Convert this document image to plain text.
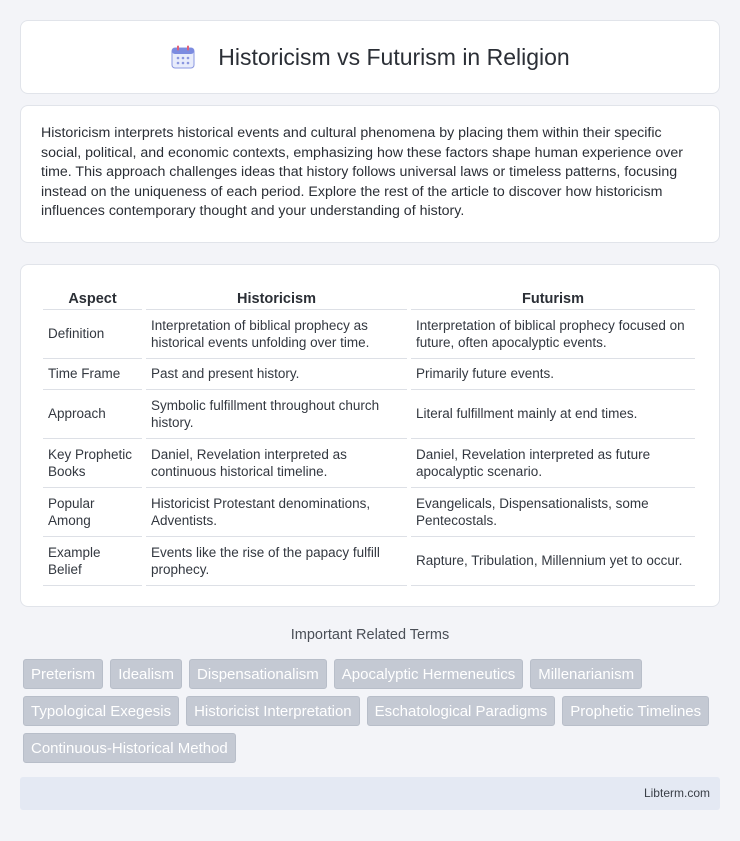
Historicism vs Futurism in Religion

Historicism interprets historical events and cultural phenomena by placing them within their specific social, political, and economic contexts, emphasizing how these factors shape human experience over time. This approach challenges ideas that history follows universal laws or timeless patterns, focusing instead on the uniqueness of each period. Explore the rest of the article to discover how historicism influences contemporary thought and your understanding of history.

Aspect	Historicism	Futurism
Definition	Interpretation of biblical prophecy as historical events unfolding over time.	Interpretation of biblical prophecy focused on future, often apocalyptic events.
Time Frame	Past and present history.	Primarily future events.
Approach	Symbolic fulfillment throughout church history.	Literal fulfillment mainly at end times.
Key Prophetic Books	Daniel, Revelation interpreted as continuous historical timeline.	Daniel, Revelation interpreted as future apocalyptic scenario.
Popular Among	Historicist Protestant denominations, Adventists.	Evangelicals, Dispensationalists, some Pentecostals.
Example Belief	Events like the rise of the papacy fulfill prophecy.	Rapture, Tribulation, Millennium yet to occur.
Important Related Terms
Preterism	Idealism	Dispensationalism	Apocalyptic Hermeneutics	Millenarianism
Typological Exegesis	Historicist Interpretation	Eschatological Paradigms	Prophetic Timelines
Continuous-Historical Method
Libterm.com
